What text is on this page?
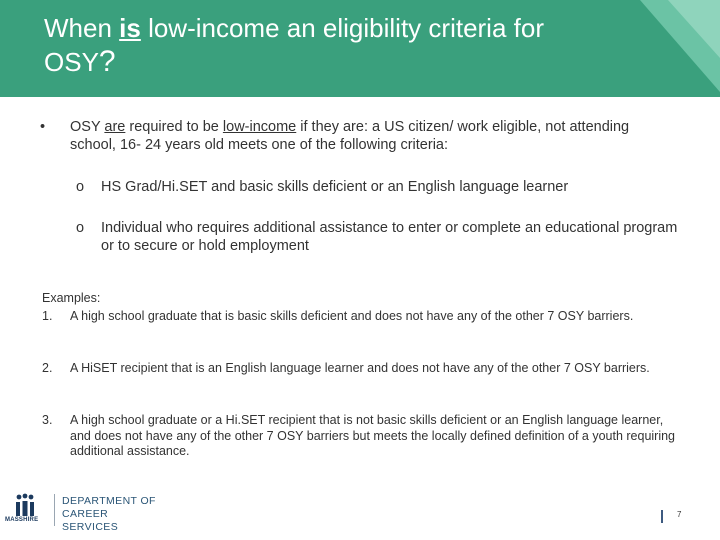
When is low-income an eligibility criteria for
OSY?
• OSY are required to be low-income if they are: a US citizen/ work eligible, not attending school, 16- 24 years old meets one of the following criteria:
o HS Grad/Hi.SET and basic skills deficient or an English language learner
o Individual who requires additional assistance to enter or complete an educational program or to secure or hold employment
Examples:
1. A high school graduate that is basic skills deficient and does not have any of the other 7 OSY barriers.
2. A HiSET recipient that is an English language learner and does not have any of the other 7 OSY barriers.
3. A high school graduate or a Hi.SET recipient that is not basic skills deficient or an English language learner, and does not have any of the other 7 OSY barriers but meets the locally defined definition of a youth requiring additional assistance.
MASSHIRE
DEPARTMENT OF
CAREER SERVICES
7
